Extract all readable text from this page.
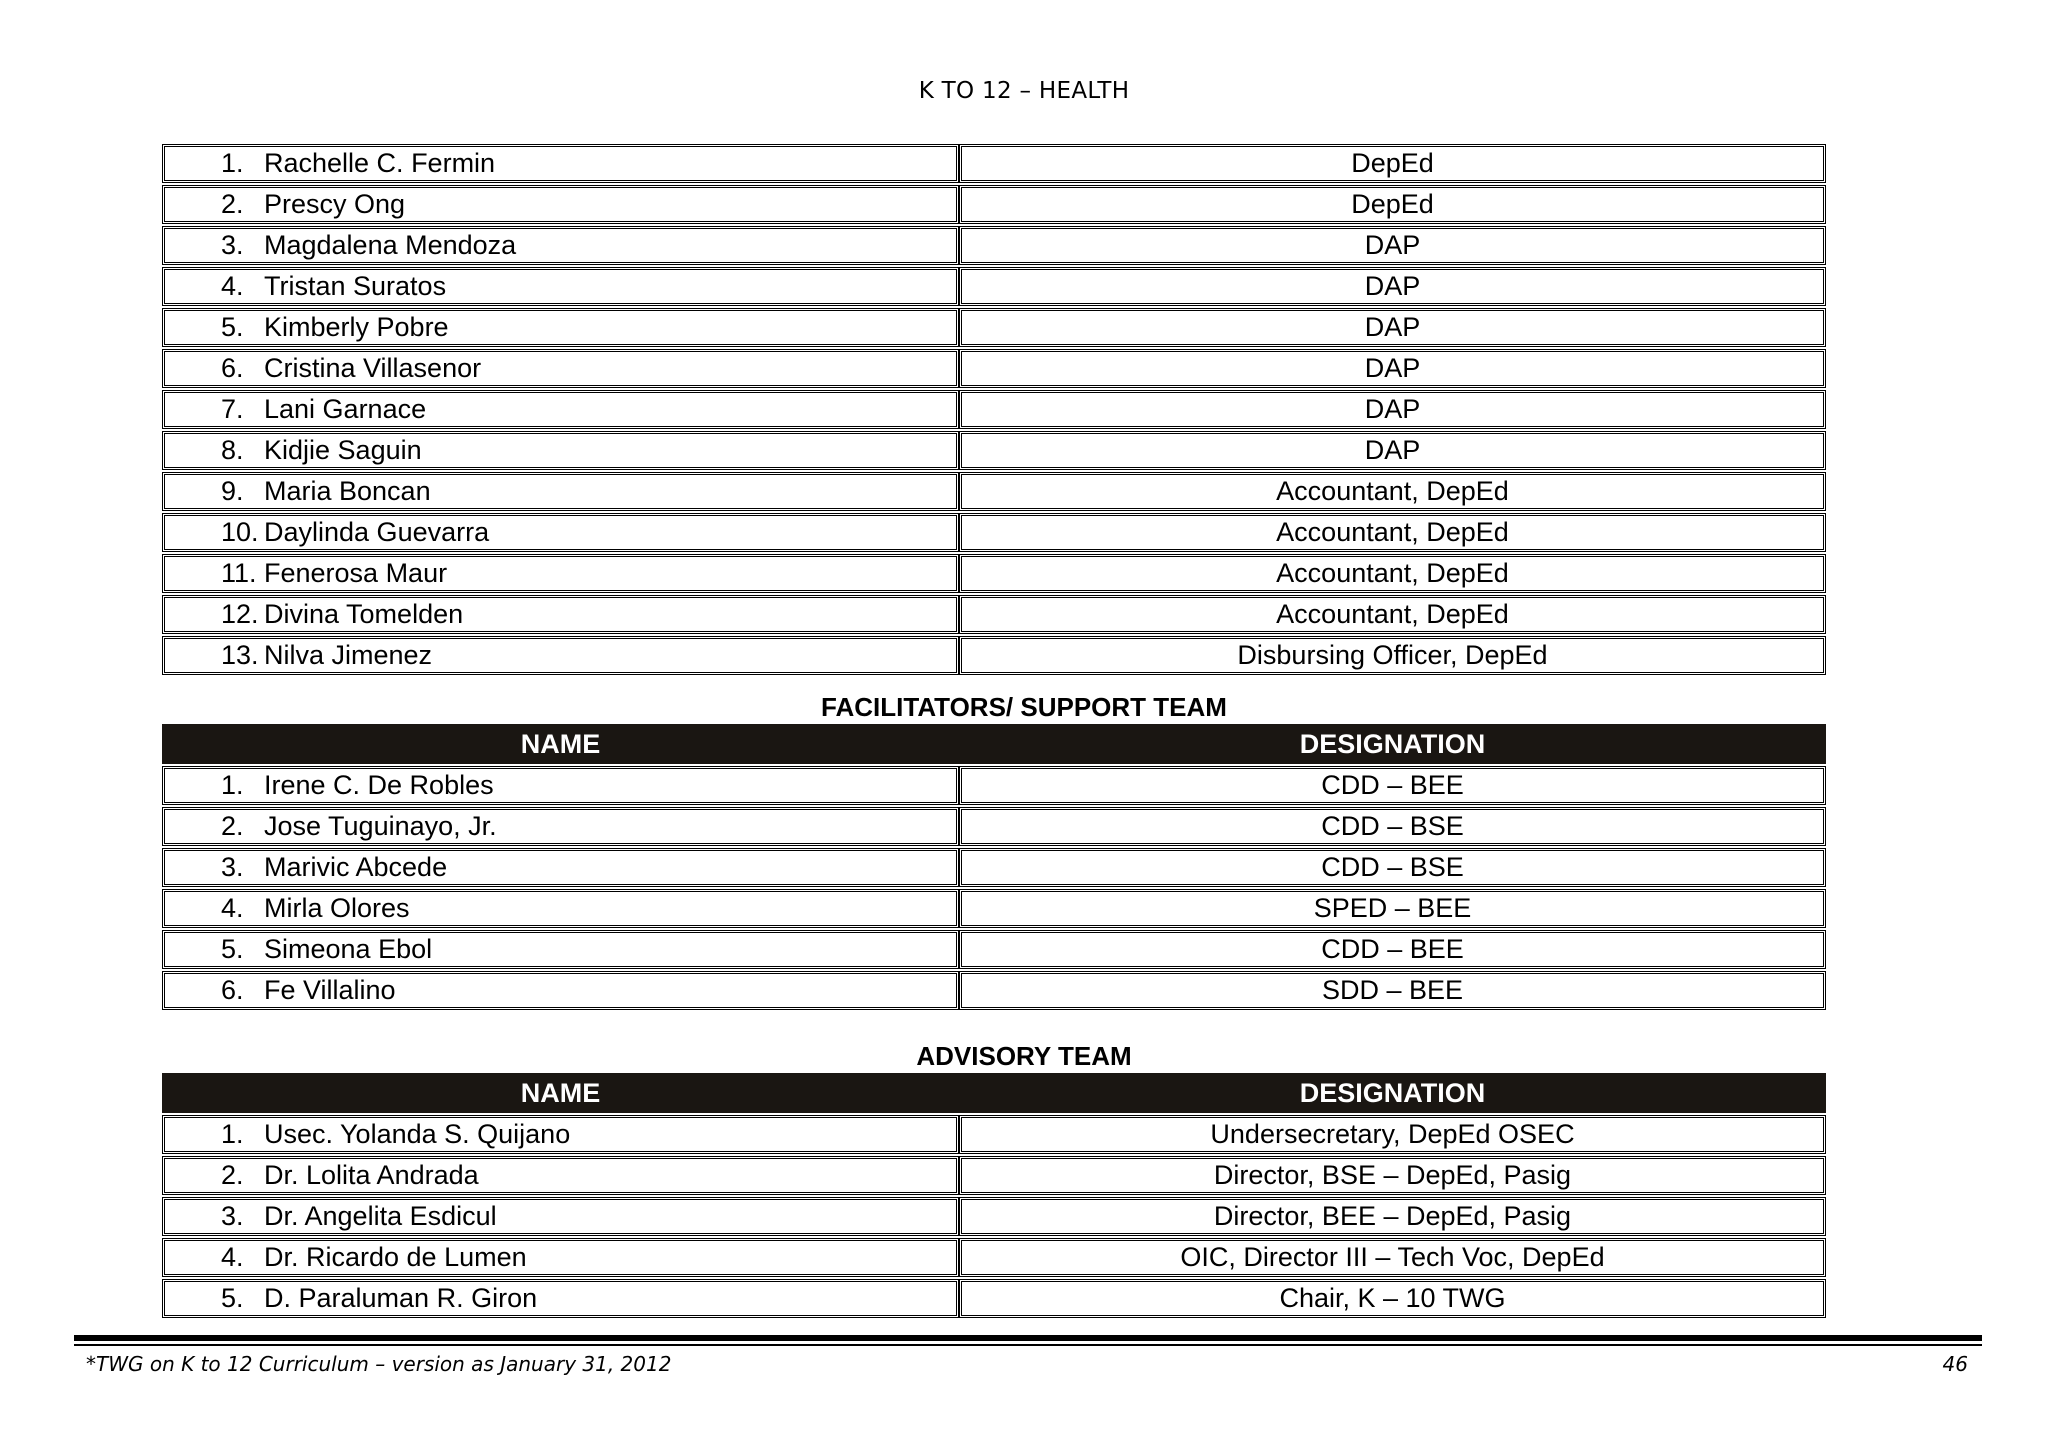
K TO 12 – HEALTH
1. Rachelle C. Fermin	DepEd
2. Prescy Ong	DepEd
3. Magdalena Mendoza	DAP
4. Tristan Suratos	DAP
5. Kimberly Pobre	DAP
6. Cristina Villasenor	DAP
7. Lani Garnace	DAP
8. Kidjie Saguin	DAP
9. Maria Boncan	Accountant, DepEd
10. Daylinda Guevarra	Accountant, DepEd
11. Fenerosa Maur	Accountant, DepEd
12. Divina Tomelden	Accountant, DepEd
13. Nilva Jimenez	Disbursing Officer, DepEd
FACILITATORS/ SUPPORT TEAM
NAME	DESIGNATION
1. Irene C. De Robles	CDD – BEE
2. Jose Tuguinayo, Jr.	CDD – BSE
3. Marivic Abcede	CDD – BSE
4. Mirla Olores	SPED – BEE
5. Simeona Ebol	CDD – BEE
6. Fe Villalino	SDD – BEE
ADVISORY TEAM
NAME	DESIGNATION
1. Usec. Yolanda S. Quijano	Undersecretary, DepEd OSEC
2. Dr. Lolita Andrada	Director, BSE – DepEd, Pasig
3. Dr. Angelita Esdicul	Director, BEE – DepEd, Pasig
4. Dr. Ricardo de Lumen	OIC, Director III – Tech Voc, DepEd
5. D. Paraluman R. Giron	Chair, K – 10 TWG
*TWG on K to 12 Curriculum – version as January 31, 2012	46
